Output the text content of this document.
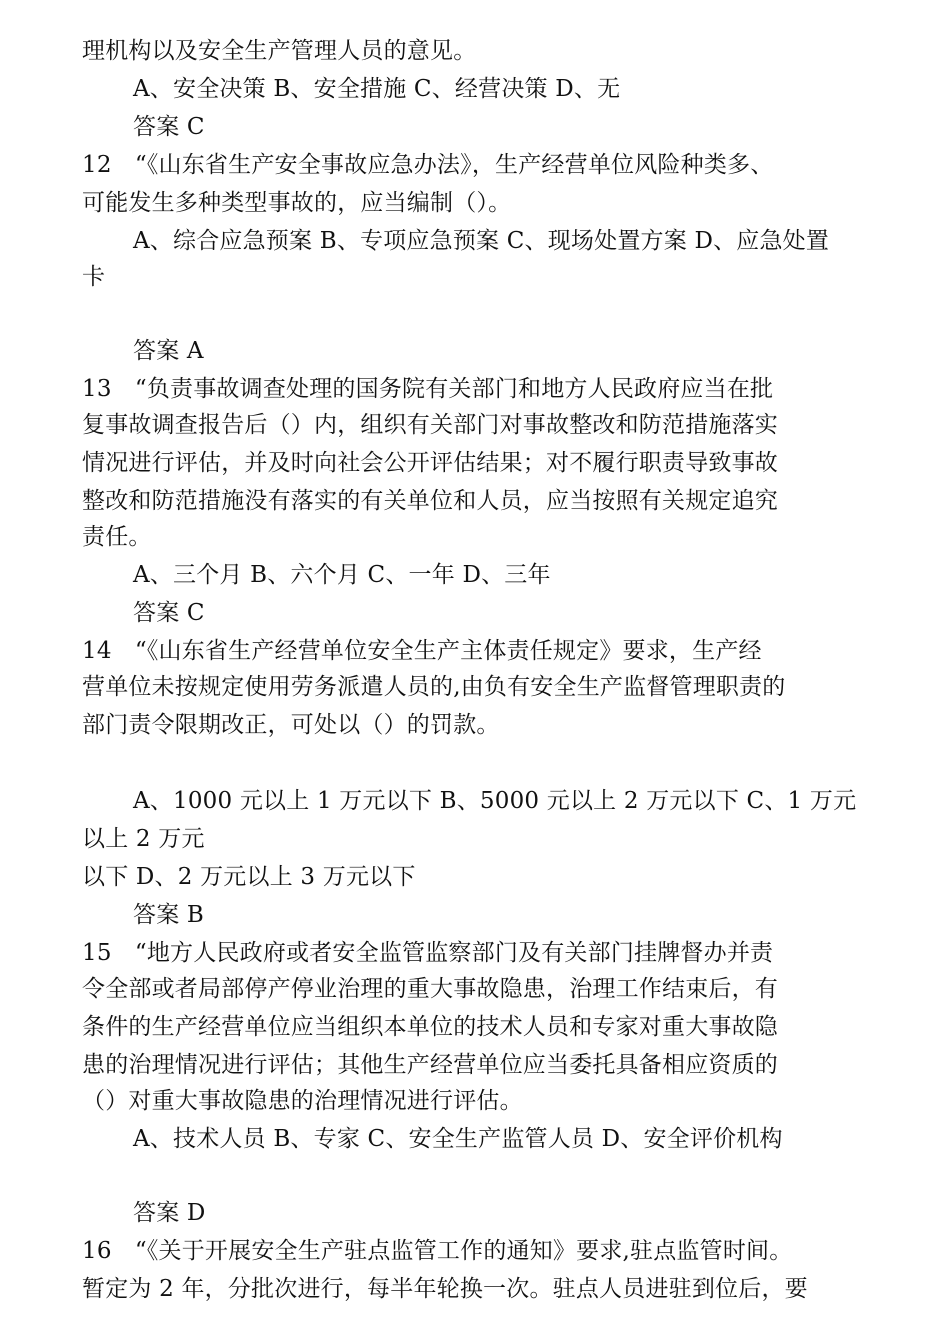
理机构以及安全生产管理人员的意见。
A、安全决策 B、安全措施 C、经营决策 D、无
答案 C
12　“《山东省生产安全事故应急办法》，生产经营单位风险种类多、
可能发生多种类型事故的，应当编制（）。
A、综合应急预案 B、专项应急预案 C、现场处置方案 D、应急处置
卡
答案 A
13　“负责事故调查处理的国务院有关部门和地方人民政府应当在批
复事故调查报告后（）内，组织有关部门对事故整改和防范措施落实
情况进行评估，并及时向社会公开评估结果；对不履行职责导致事故
整改和防范措施没有落实的有关单位和人员，应当按照有关规定追究
责任。
A、三个月 B、六个月 C、一年 D、三年
答案 C
14　“《山东省生产经营单位安全生产主体责任规定》要求，生产经
营单位未按规定使用劳务派遣人员的,由负有安全生产监督管理职责的
部门责令限期改正，可处以（）的罚款。
A、1000 元以上 1 万元以下 B、5000 元以上 2 万元以下 C、1 万元
以上 2 万元
以下 D、2 万元以上 3 万元以下
答案 B
15　“地方人民政府或者安全监管监察部门及有关部门挂牌督办并责
令全部或者局部停产停业治理的重大事故隐患，治理工作结束后，有
条件的生产经营单位应当组织本单位的技术人员和专家对重大事故隐
患的治理情况进行评估；其他生产经营单位应当委托具备相应资质的
（）对重大事故隐患的治理情况进行评估。
A、技术人员 B、专家 C、安全生产监管人员 D、安全评价机构
答案 D
16　“《关于开展安全生产驻点监管工作的通知》要求,驻点监管时间。
暂定为 2 年，分批次进行，每半年轮换一次。驻点人员进驻到位后，要
